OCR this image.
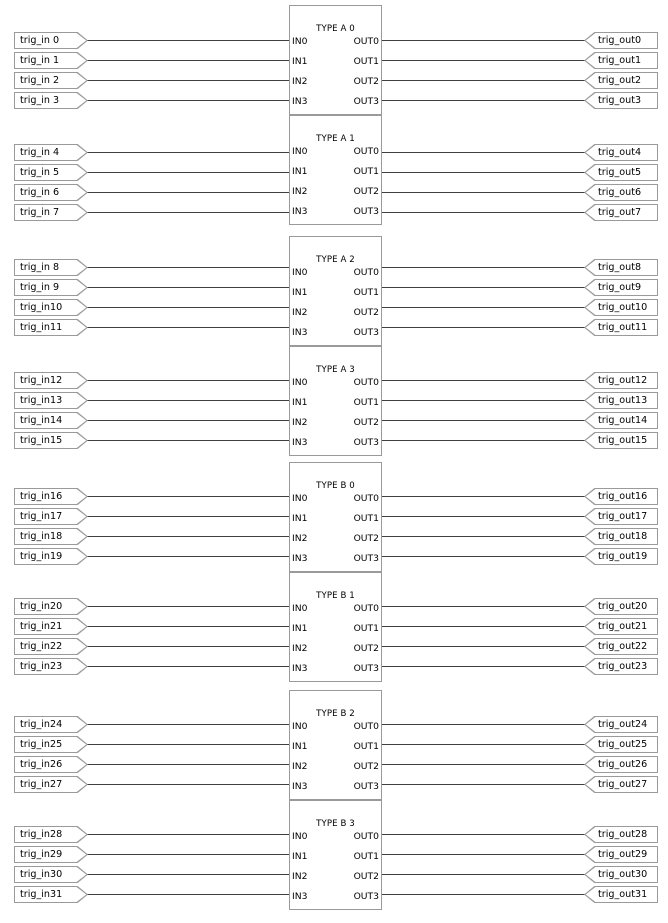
TYPE A 0
IN0	OUT0
IN1	OUT1
IN2	OUT2
IN3	OUT3
TYPE A 1
IN0	OUT0
IN1	OUT1
IN2	OUT2
IN3	OUT3
TYPE A 2
IN0	OUT0
IN1	OUT1
IN2	OUT2
IN3	OUT3
TYPE A 3
IN0	OUT0
IN1	OUT1
IN2	OUT2
IN3	OUT3
TYPE B 0
IN0	OUT0
IN1	OUT1
IN2	OUT2
IN3	OUT3
TYPE B 1
IN0	OUT0
IN1	OUT1
IN2	OUT2
IN3	OUT3
TYPE B 2
IN0	OUT0
IN1	OUT1
IN2	OUT2
IN3	OUT3
TYPE B 3
IN0	OUT0
IN1	OUT1
IN2	OUT2
IN3	OUT3
trig_in 0
trig_in 1
trig_in 2
trig_in 3
trig_in 4
trig_in 5
trig_in 6
trig_in 7
trig_in 8
trig_in 9
trig_in10
trig_in11
trig_in12
trig_in13
trig_in14
trig_in15
trig_in16
trig_in17
trig_in18
trig_in19
trig_in20
trig_in21
trig_in22
trig_in23
trig_in24
trig_in25
trig_in26
trig_in27
trig_in28
trig_in29
trig_in30
trig_in31
trig_out0
trig_out1
trig_out2
trig_out3
trig_out4
trig_out5
trig_out6
trig_out7
trig_out8
trig_out9
trig_out10
trig_out11
trig_out12
trig_out13
trig_out14
trig_out15
trig_out16
trig_out17
trig_out18
trig_out19
trig_out20
trig_out21
trig_out22
trig_out23
trig_out24
trig_out25
trig_out26
trig_out27
trig_out28
trig_out29
trig_out30
trig_out31
